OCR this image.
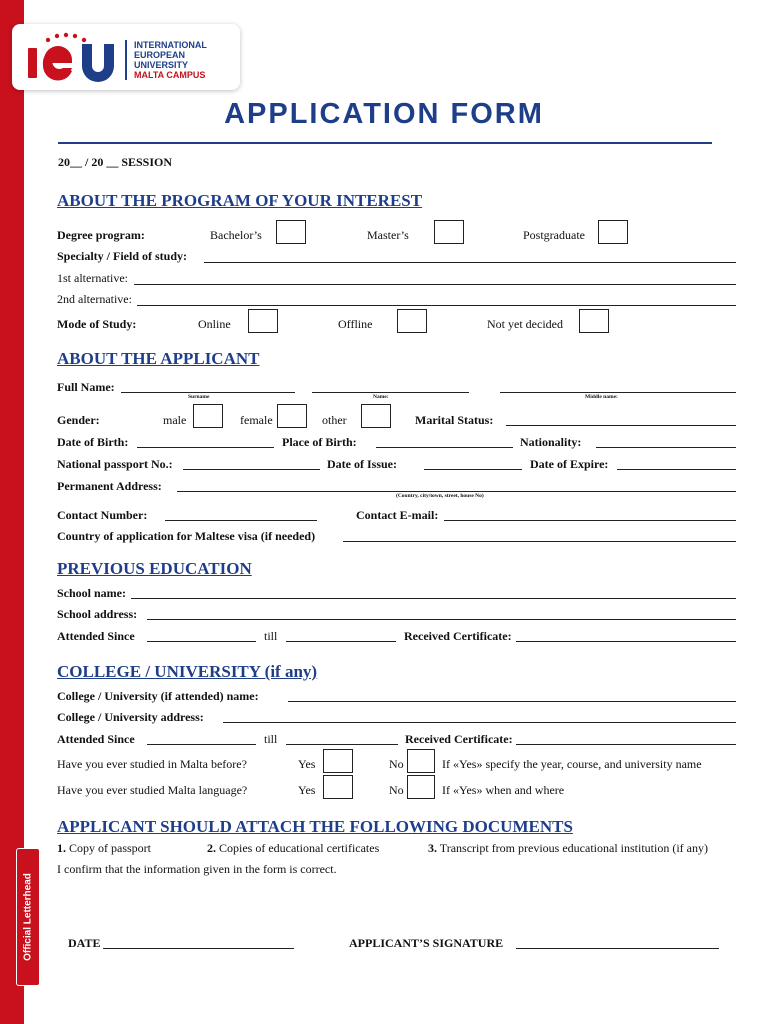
Official Letterhead
INTERNATIONAL
EUROPEAN
UNIVERSITY
MALTA CAMPUS
APPLICATION FORM
20__ / 20 __ SESSION
ABOUT THE PROGRAM OF YOUR INTEREST
Degree program:	Bachelor’s	Master’s	Postgraduate
Specialty / Field of study:
1st alternative:
2nd alternative:
Mode of Study:	Online	Offline	Not yet decided
ABOUT THE APPLICANT
Full Name:
Surname	Name:	Middle name:
Gender:	male	female	other	Marital Status:
Date of Birth:	Place of Birth:	Nationality:
National passport No.:	Date of Issue:	Date of Expire:
Permanent Address:
(Country, city/town, street, house No)
Contact Number:	Contact E-mail:
Country of application for Maltese visa (if needed)
PREVIOUS EDUCATION
School name:
School address:
Attended Since	till	Received Certificate:
COLLEGE / UNIVERSITY (if any)
College / University (if attended) name:
College / University address:
Attended Since	till	Received Certificate:
Have you ever studied in Malta before?	Yes	No	If «Yes» specify the year, course, and university name
Have you ever studied Malta language?	Yes	No	If «Yes» when and where
APPLICANT SHOULD ATTACH THE FOLLOWING DOCUMENTS
1. Copy of passport	2. Copies of educational certificates	3. Transcript from previous educational institution (if any)
I confirm that the information given in the form is correct.
DATE	APPLICANT’S SIGNATURE
